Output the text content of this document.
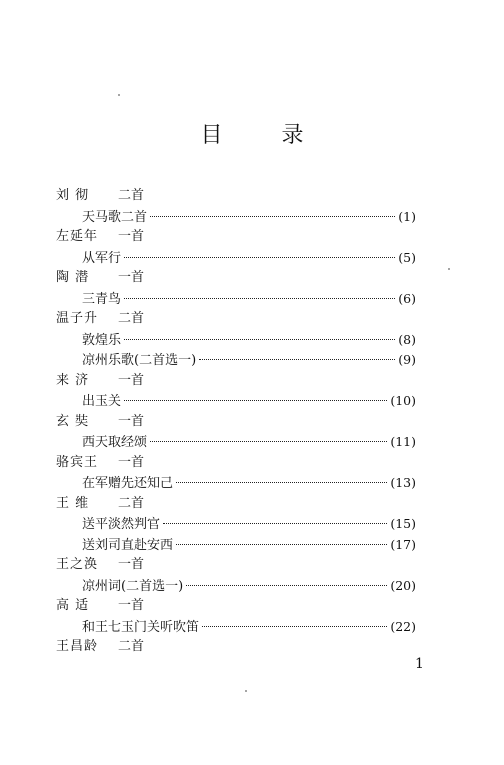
目 录
刘 彻 二首
天马歌二首	(1)
左延年 一首
从军行	(5)
陶 潜 一首
三青鸟	(6)
温子升 二首
敦煌乐	(8)
凉州乐歌(二首选一)	(9)
来 济 一首
出玉关	(10)
玄 奘 一首
西天取经颂	(11)
骆宾王 一首
在军赠先还知己	(13)
王 维 二首
送平淡然判官	(15)
送刘司直赴安西	(17)
王之涣 一首
凉州词(二首选一)	(20)
高 适 一首
和王七玉门关听吹笛	(22)
王昌龄 二首
1
